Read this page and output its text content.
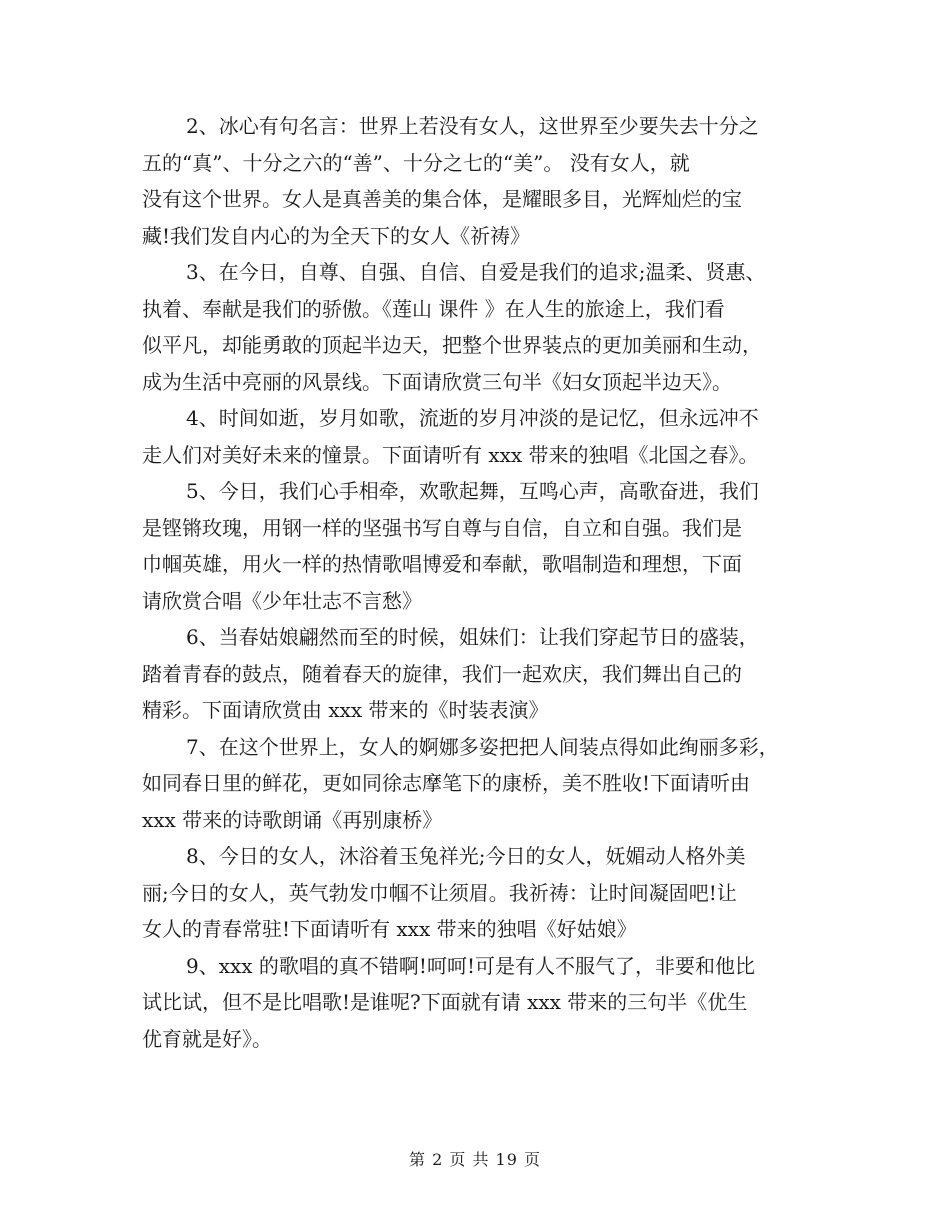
2、冰心有句名言：世界上若没有女人，这世界至少要失去十分之
五的“真”、十分之六的“善”、十分之七的“美”。 没有女人，就
没有这个世界。女人是真善美的集合体，是耀眼多目，光辉灿烂的宝
藏!我们发自内心的为全天下的女人《祈祷》
3、在今日，自尊、自强、自信、自爱是我们的追求;温柔、贤惠、
执着、奉献是我们的骄傲。《莲山 课件 》在人生的旅途上，我们看
似平凡，却能勇敢的顶起半边天，把整个世界装点的更加美丽和生动，
成为生活中亮丽的风景线。下面请欣赏三句半《妇女顶起半边天》。
4、时间如逝，岁月如歌，流逝的岁月冲淡的是记忆，但永远冲不
走人们对美好未来的憧景。下面请听有 xxx 带来的独唱《北国之春》。
5、今日，我们心手相牵，欢歌起舞，互鸣心声，高歌奋进，我们
是铿锵玫瑰，用钢一样的坚强书写自尊与自信，自立和自强。我们是
巾帼英雄，用火一样的热情歌唱博爱和奉献，歌唱制造和理想，下面
请欣赏合唱《少年壮志不言愁》
6、当春姑娘翩然而至的时候，姐妹们：让我们穿起节日的盛装，
踏着青春的鼓点，随着春天的旋律，我们一起欢庆，我们舞出自己的
精彩。下面请欣赏由 xxx 带来的《时装表演》
7、在这个世界上，女人的婀娜多姿把把人间装点得如此绚丽多彩，
如同春日里的鲜花，更如同徐志摩笔下的康桥，美不胜收!下面请听由
xxx 带来的诗歌朗诵《再别康桥》
8、今日的女人，沐浴着玉兔祥光;今日的女人，妩媚动人格外美
丽;今日的女人，英气勃发巾帼不让须眉。我祈祷：让时间凝固吧!让
女人的青春常驻!下面请听有 xxx 带来的独唱《好姑娘》
9、xxx 的歌唱的真不错啊!呵呵!可是有人不服气了，非要和他比
试比试，但不是比唱歌!是谁呢?下面就有请 xxx 带来的三句半《优生
优育就是好》。
第 2 页 共 19 页
